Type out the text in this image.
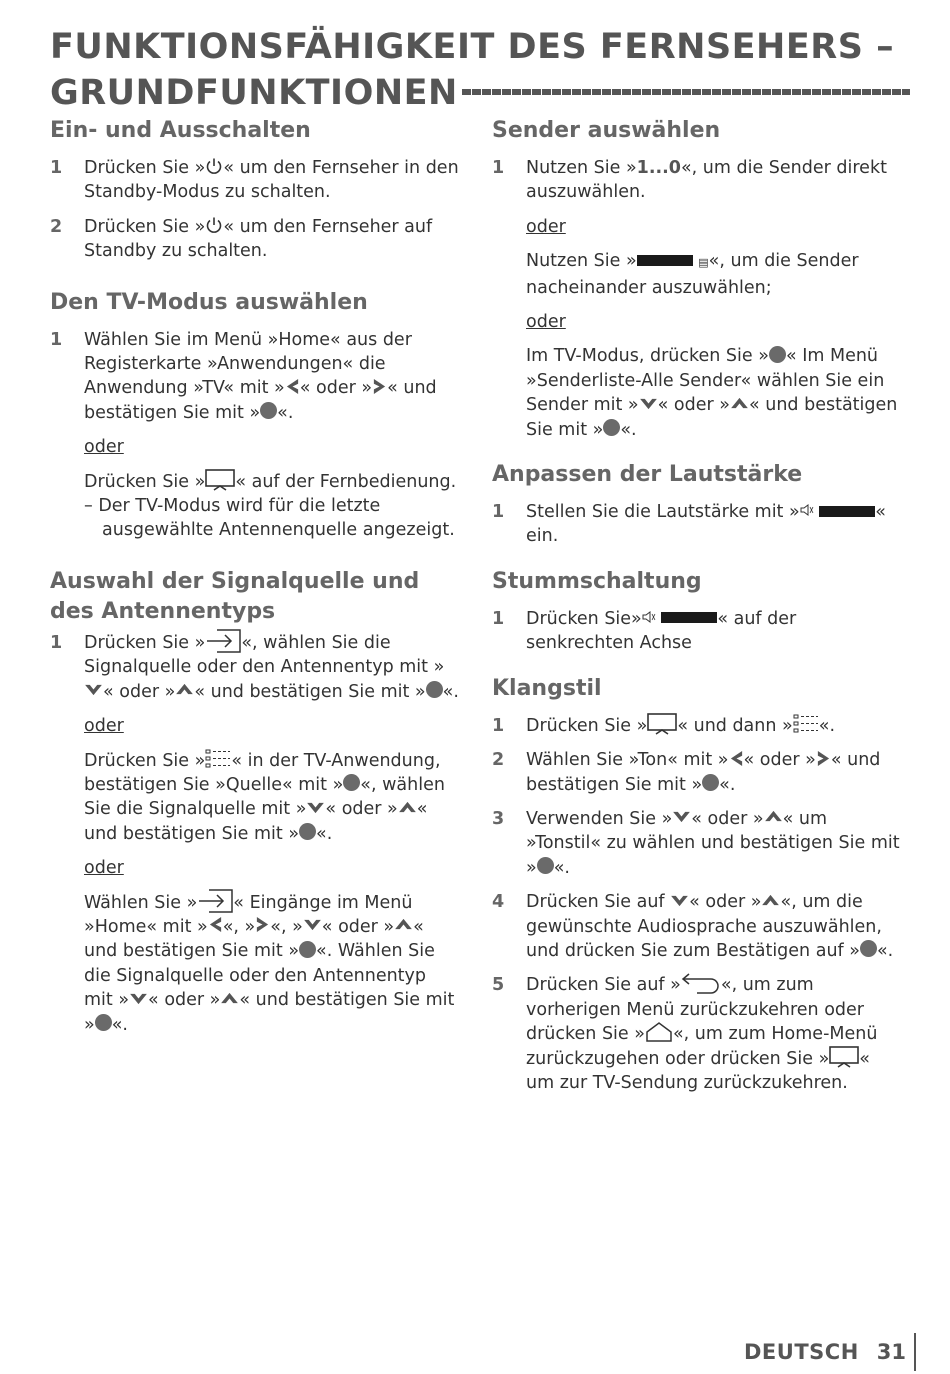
FUNKTIONSFÄHIGKEIT DES FERNSEHERS –
GRUNDFUNKTIONEN
Ein- und Ausschalten

1 Drücken Sie » « um den Fernseher in den Standby-Modus zu schalten.

2 Drücken Sie » « um den Fernseher auf Standby zu schalten.

Den TV-Modus auswählen

1 Wählen Sie im Menü »Home« aus der Registerkarte »Anwendungen« die Anwendung »TV« mit » « oder » « und bestätigen Sie mit » «.

oder

Drücken Sie » « auf der Fernbedienung.

– Der TV-Modus wird für die letzte ausgewählte Antennenquelle angezeigt.

Auswahl der Signalquelle und
des Antennentyps

1 Drücken Sie » «, wählen Sie die Signalquelle oder den Antennentyp mit »« oder » « und bestätigen Sie mit » «.

oder

Drücken Sie » « in der TV-Anwendung, bestätigen Sie »Quelle« mit » «, wählen Sie die Signalquelle mit » « oder » « und bestätigen Sie mit » «.

oder

Wählen Sie » « Eingänge im Menü »Home« mit » «, » «, » « oder » « und bestätigen Sie mit » «. Wählen Sie die Signalquelle oder den Antennentyp mit » « oder » « und bestätigen Sie mit » «.

Sender auswählen

1 Nutzen Sie »1...0«, um die Sender direkt auszuwählen.

oder

Nutzen Sie »	▤«, um die Sender nacheinander auszuwählen;

oder

Im TV-Modus, drücken Sie » « Im Menü »Senderliste-Alle Sender« wählen Sie ein Sender mit » « oder » « und bestätigen Sie mit » «.

Anpassen der Lautstärke

1 Stellen Sie die Lautstärke mit »	« ein.

Stummschaltung

1 Drücken Sie»	« auf der senkrechten Achse

Klangstil

1 Drücken Sie » « und dann » «.

2 Wählen Sie »Ton« mit » « oder » « und bestätigen Sie mit » «.

3 Verwenden Sie » « oder » « um »Tonstil« zu wählen und bestätigen Sie mit » «.

4 Drücken Sie auf « oder » «, um die gewünschte Audiosprache auszuwählen, und drücken Sie zum Bestätigen auf » «.

5 Drücken Sie auf » «, um zum vorherigen Menü zurückzukehren oder drücken Sie » «, um zum Home-Menü zurückzugehen oder drücken Sie » « um zur TV-Sendung zurückzukehren.

DEUTSCH 31
